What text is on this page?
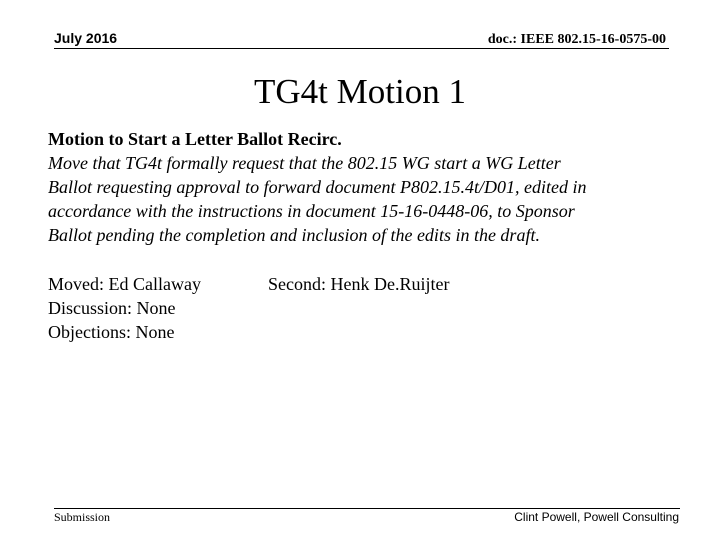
July 2016	doc.: IEEE 802.15-16-0575-00
TG4t Motion 1
Motion to Start a Letter Ballot Recirc.
Move that TG4t formally request that the 802.15 WG start a WG Letter
Ballot requesting approval to forward document P802.15.4t/D01, edited in
accordance with the instructions in document 15-16-0448-06, to Sponsor
Ballot pending the completion and inclusion of the edits in the draft.
Moved: Ed Callaway
Discussion: None
Objections: None
Second: Henk De.Ruijter
Submission	Clint Powell, Powell Consulting
